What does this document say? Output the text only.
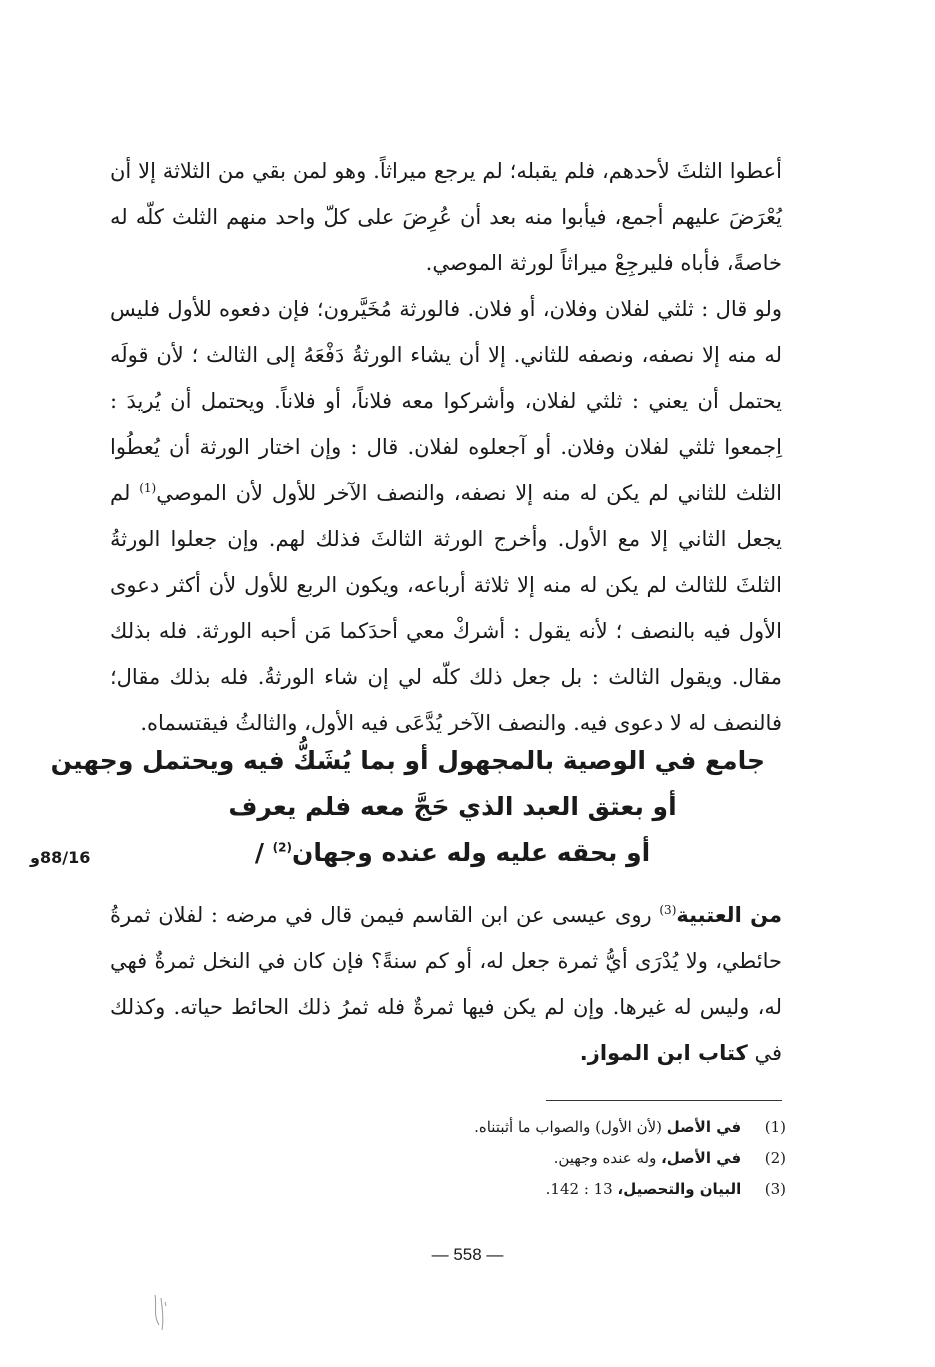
أعطوا الثلثَ لأحدهم، فلم يقبله؛ لم يرجع ميراثاً. وهو لمن بقي من الثلاثة إلا أن يُعْرَضَ عليهم أجمع، فيأبوا منه بعد أن عُرِضَ على كلّ واحد منهم الثلث كلّه له خاصةً، فأباه فليرجِعْ ميراثاً لورثة الموصي.
ولو قال : ثلثي لفلان وفلان، أو فلان. فالورثة مُخَيَّرون؛ فإن دفعوه للأول فليس له منه إلا نصفه، ونصفه للثاني. إلا أن يشاء الورثةُ دَفْعَهُ إلى الثالث ؛ لأن قولَه يحتمل أن يعني : ثلثي لفلان، وأشركوا معه فلاناً، أو فلاناً. ويحتمل أن يُريدَ : اِجمعوا ثلثي لفلان وفلان. أو آجعلوه لفلان. قال : وإن اختار الورثة أن يُعطُوا الثلث للثاني لم يكن له منه إلا نصفه، والنصف الآخر للأول لأن الموصي$^{(1)}$ لم يجعل الثاني إلا مع الأول. وأخرج الورثة الثالثَ فذلك لهم. وإن جعلوا الورثةُ الثلثَ للثالث لم يكن له منه إلا ثلاثة أرباعه، ويكون الربع للأول لأن أكثر دعوى الأول فيه بالنصف ؛ لأنه يقول : أشركْ معي أحدَكما مَن أحبه الورثة. فله بذلك مقال. ويقول الثالث : بل جعل ذلك كلّه لي إن شاء الورثةُ. فله بذلك مقال؛ فالنصف له لا دعوى فيه. والنصف الآخر يُدَّعَى فيه الأول، والثالثُ فيقتسماه.
جامع في الوصية بالمجهول أو بما يُشَكُّ فيه ويحتمل وجهين
أو بعتق العبد الذي حَجَّ معه فلم يعرف
أو بحقه عليه وله عنده وجهان$^{(2)}$ /
88/16و
من العتبية$^{(3)}$ روى عيسى عن ابن القاسم فيمن قال في مرضه : لفلان ثمرةُ حائطي، ولا يُدْرَى أيُّ ثمرة جعل له، أو كم سنةً؟ فإن كان في النخل ثمرةٌ فهي له، وليس له غيرها. وإن لم يكن فيها ثمرةٌ فله ثمرُ ذلك الحائط حياته. وكذلك في كتاب ابن المواز.
(1) في الأصل (لأن الأول) والصواب ما أثبتناه.
(2) في الأصل، وله عنده وجهين.
(3) البيان والتحصيل، 13 : 142.
— 558 —
